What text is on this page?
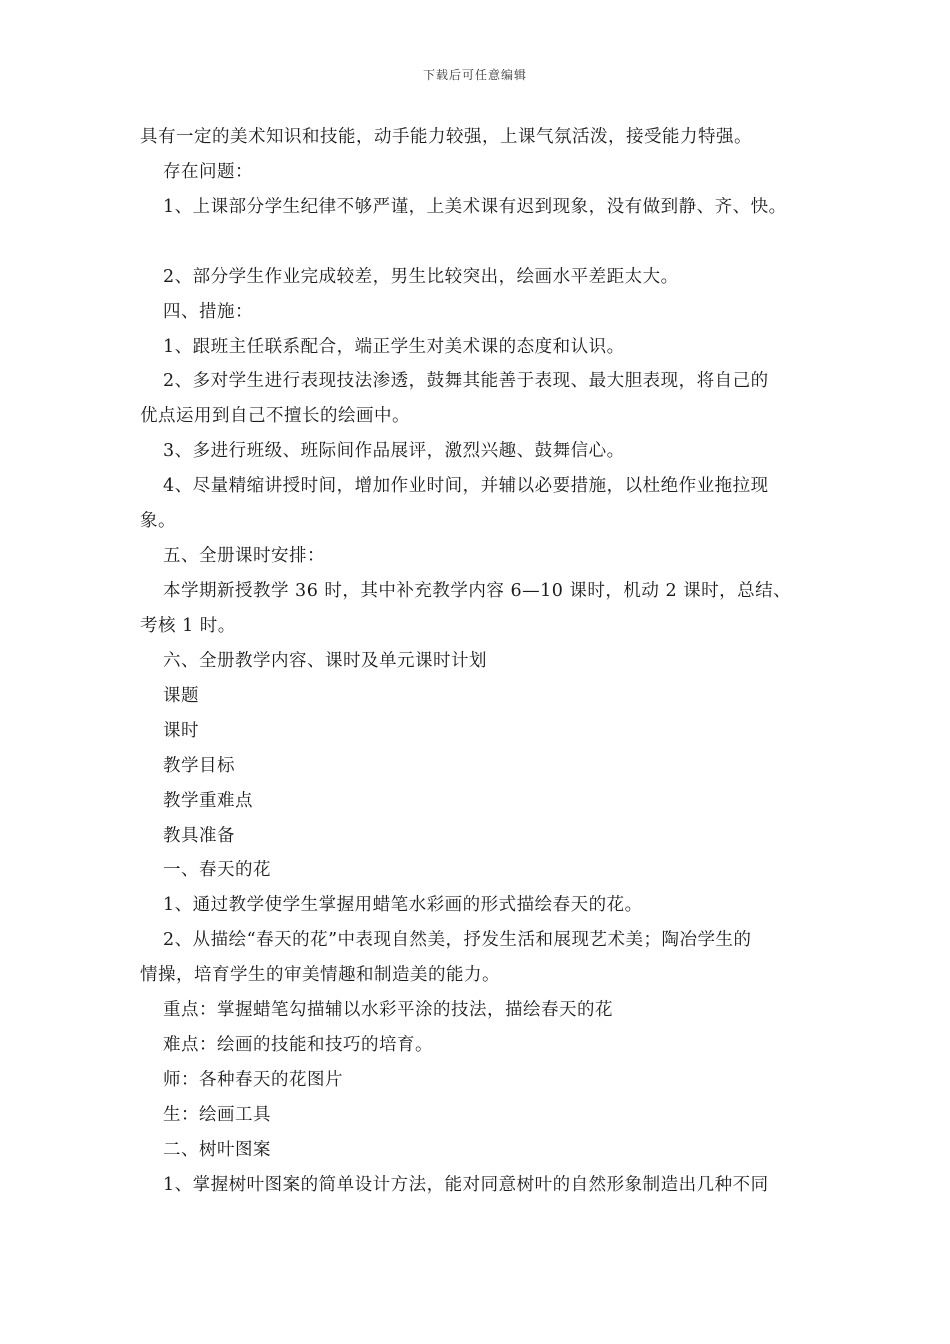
下载后可任意编辑
具有一定的美术知识和技能，动手能力较强，上课气氛活泼，接受能力特强。
存在问题：
1、上课部分学生纪律不够严谨，上美术课有迟到现象，没有做到静、齐、快。
2、部分学生作业完成较差，男生比较突出，绘画水平差距太大。
四、措施：
1、跟班主任联系配合，端正学生对美术课的态度和认识。
2、多对学生进行表现技法渗透，鼓舞其能善于表现、最大胆表现，将自己的
优点运用到自己不擅长的绘画中。
3、多进行班级、班际间作品展评，激烈兴趣、鼓舞信心。
4、尽量精缩讲授时间，增加作业时间，并辅以必要措施，以杜绝作业拖拉现
象。
五、全册课时安排：
本学期新授教学 36 时，其中补充教学内容 6—10 课时，机动 2 课时，总结、
考核 1 时。
六、全册教学内容、课时及单元课时计划
课题
课时
教学目标
教学重难点
教具准备
一、春天的花
1、通过教学使学生掌握用蜡笔水彩画的形式描绘春天的花。
2、从描绘“春天的花”中表现自然美，抒发生活和展现艺术美；陶冶学生的
情操，培育学生的审美情趣和制造美的能力。
重点：掌握蜡笔勾描辅以水彩平涂的技法，描绘春天的花
难点：绘画的技能和技巧的培育。
师：各种春天的花图片
生：绘画工具
二、树叶图案
1、掌握树叶图案的简单设计方法，能对同意树叶的自然形象制造出几种不同
